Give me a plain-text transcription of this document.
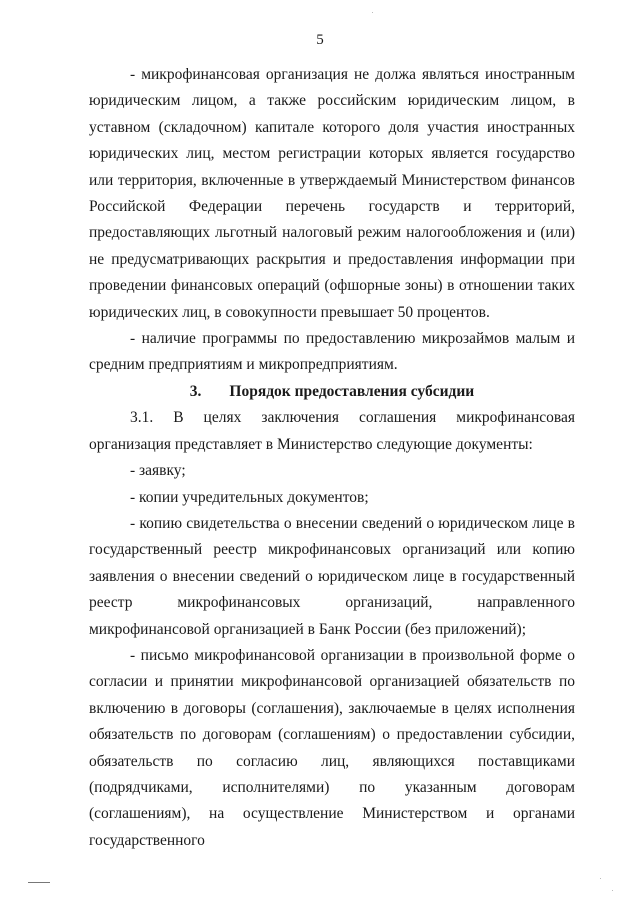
5

- микрофинансовая организация не должа являться иностранным юридическим лицом, а также российским юридическим лицом, в уставном (складочном) капитале которого доля участия иностранных юридических лиц, местом регистрации которых является государство или территория, включенные в утверждаемый Министерством финансов Российской Федерации перечень государств и территорий, предоставляющих льготный налоговый режим налогообложения и (или) не предусматривающих раскрытия и предоставления информации при проведении финансовых операций (офшорные зоны) в отношении таких юридических лиц, в совокупности превышает 50 процентов.

- наличие программы по предоставлению микрозаймов малым и средним предприятиям и микропредприятиям.

3. Порядок предоставления субсидии

3.1. В целях заключения соглашения микрофинансовая организация представляет в Министерство следующие документы:

- заявку;

- копии учредительных документов;

- копию свидетельства о внесении сведений о юридическом лице в государственный реестр микрофинансовых организаций или копию заявления о внесении сведений о юридическом лице в государственный реестр микрофинансовых организаций, направленного микрофинансовой организацией в Банк России (без приложений);

- письмо микрофинансовой организации в произвольной форме о согласии и принятии микрофинансовой организацией обязательств по включению в договоры (соглашения), заключаемые в целях исполнения обязательств по договорам (соглашениям) о предоставлении субсидии, обязательств по согласию лиц, являющихся поставщиками (подрядчиками, исполнителями) по указанным договорам (соглашениям), на осуществление Министерством и органами государственного
